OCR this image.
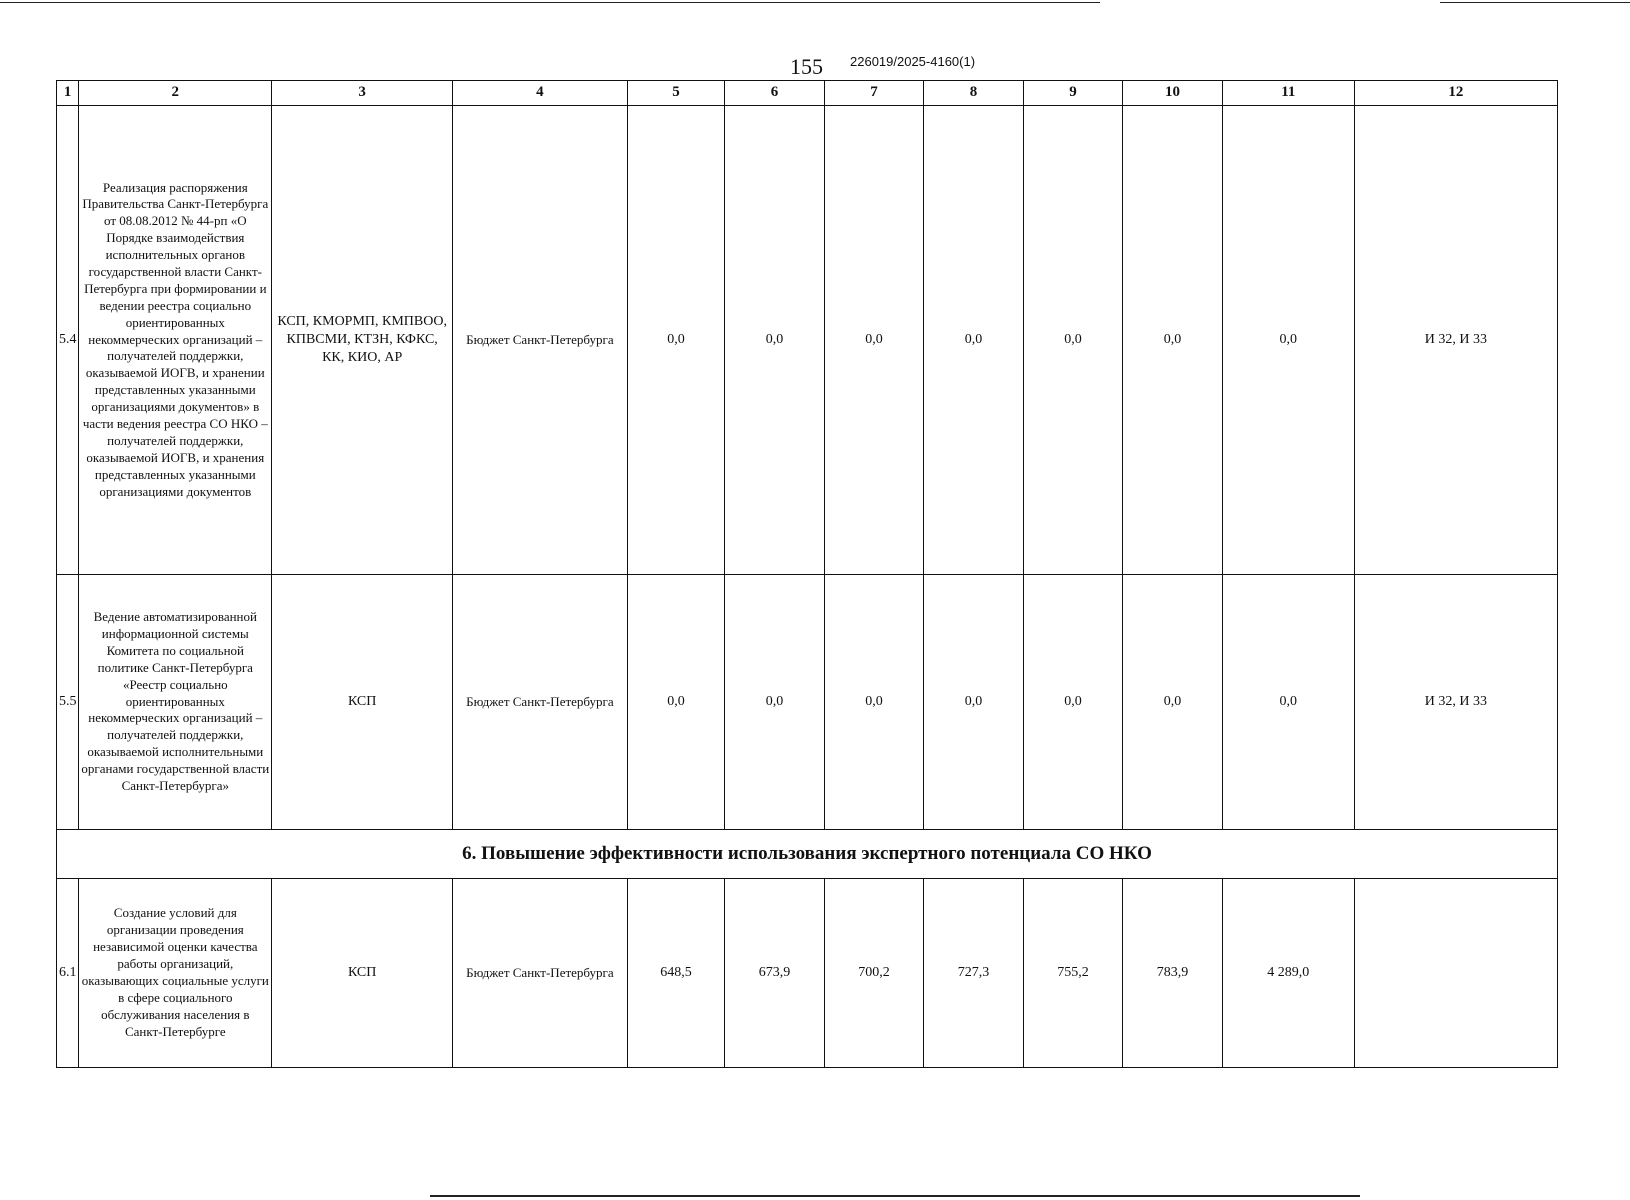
155 226019/2025-4160(1)
1	2	3	4	5	6	7	8	9	10	11	12
5.4	Реализация распоряжения Правительства Санкт-Петербурга от 08.08.2012 № 44-рп «О Порядке взаимодействия исполнительных органов государственной власти Санкт-Петербурга при формировании и ведении реестра социально ориентированных некоммерческих организаций – получателей поддержки, оказываемой ИОГВ, и хранении представленных указанными организациями документов» в части ведения реестра СО НКО – получателей поддержки, оказываемой ИОГВ, и хранения представленных указанными организациями документов	КСП, КМОРМП, КМПВОО, КПВСМИ, КТЗН, КФКС, КК, КИО, АР	Бюджет Санкт-Петербурга	0,0	0,0	0,0	0,0	0,0	0,0	0,0	И 32, И 33
5.5	Ведение автоматизированной информационной системы Комитета по социальной политике Санкт-Петербурга «Реестр социально ориентированных некоммерческих организаций – получателей поддержки, оказываемой исполнительными органами государственной власти Санкт-Петербурга»	КСП	Бюджет Санкт-Петербурга	0,0	0,0	0,0	0,0	0,0	0,0	0,0	И 32, И 33
6. Повышение эффективности использования экспертного потенциала СО НКО											
6.1	Создание условий для организации проведения независимой оценки качества работы организаций, оказывающих социальные услуги в сфере социального обслуживания населения в Санкт-Петербурге	КСП	Бюджет Санкт-Петербурга	648,5	673,9	700,2	727,3	755,2	783,9	4 289,0	
